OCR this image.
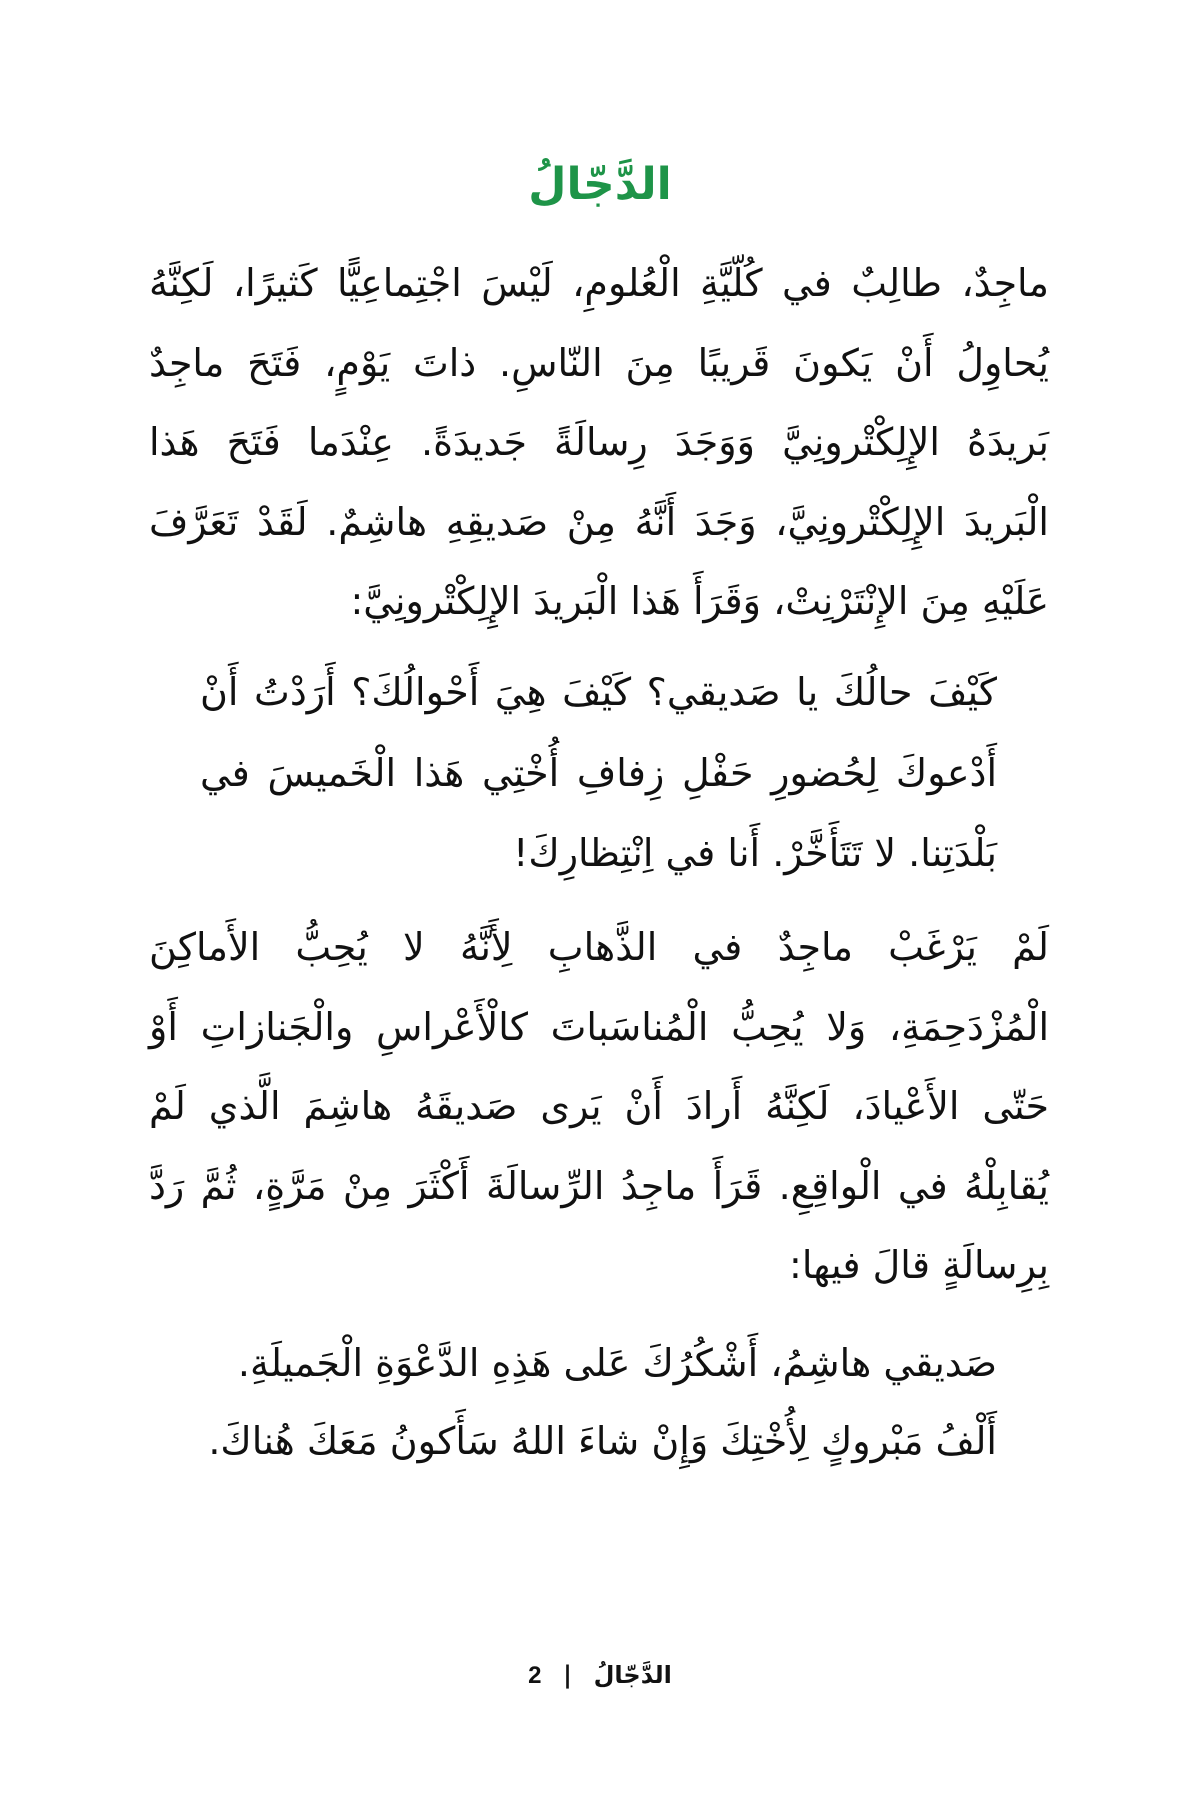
الدَّجّالُ
ماجِدٌ، طالِبٌ في كُلّيَّةِ الْعُلومِ، لَيْسَ اجْتِماعِيًّا كَثيرًا، لَكِنَّهُ
يُحاوِلُ أَنْ يَكونَ قَريبًا مِنَ النّاسِ. ذاتَ يَوْمٍ، فَتَحَ ماجِدٌ
بَريدَهُ الإِلِكْتْرونِيَّ وَوَجَدَ رِسالَةً جَديدَةً. عِنْدَما فَتَحَ هَذا
الْبَريدَ الإِلِكْتْرونِيَّ، وَجَدَ أَنَّهُ مِنْ صَديقِهِ هاشِمٌ. لَقَدْ تَعَرَّفَ
عَلَيْهِ مِنَ الإِنْتَرْنِتْ، وَقَرَأَ هَذا الْبَريدَ الإِلِكْتْرونِيَّ:
كَيْفَ حالُكَ يا صَديقي؟ كَيْفَ هِيَ أَحْوالُكَ؟ أَرَدْتُ أَنْ
أَدْعوكَ لِحُضورِ حَفْلِ زِفافِ أُخْتِي هَذا الْخَميسَ في
بَلْدَتِنا. لا تَتَأَخَّرْ. أَنا في اِنْتِظارِكَ!
لَمْ يَرْغَبْ ماجِدٌ في الذَّهابِ لِأَنَّهُ لا يُحِبُّ الأَماكِنَ
الْمُزْدَحِمَةِ، وَلا يُحِبُّ الْمُناسَباتَ كالْأَعْراسِ والْجَنازاتِ أَوْ
حَتّى الأَعْيادَ، لَكِنَّهُ أَرادَ أَنْ يَرى صَديقَهُ هاشِمَ الَّذي لَمْ
يُقابِلْهُ في الْواقِعِ. قَرَأَ ماجِدُ الرِّسالَةَ أَكْثَرَ مِنْ مَرَّةٍ، ثُمَّ رَدَّ
بِرِسالَةٍ قالَ فيها:
صَديقي هاشِمُ، أَشْكُرُكَ عَلى هَذِهِ الدَّعْوَةِ الْجَميلَةِ.
أَلْفُ مَبْروكٍ لِأُخْتِكَ وَإِنْ شاءَ اللهُ سَأَكونُ مَعَكَ هُناكَ.
الدَّجّالُ | 2
